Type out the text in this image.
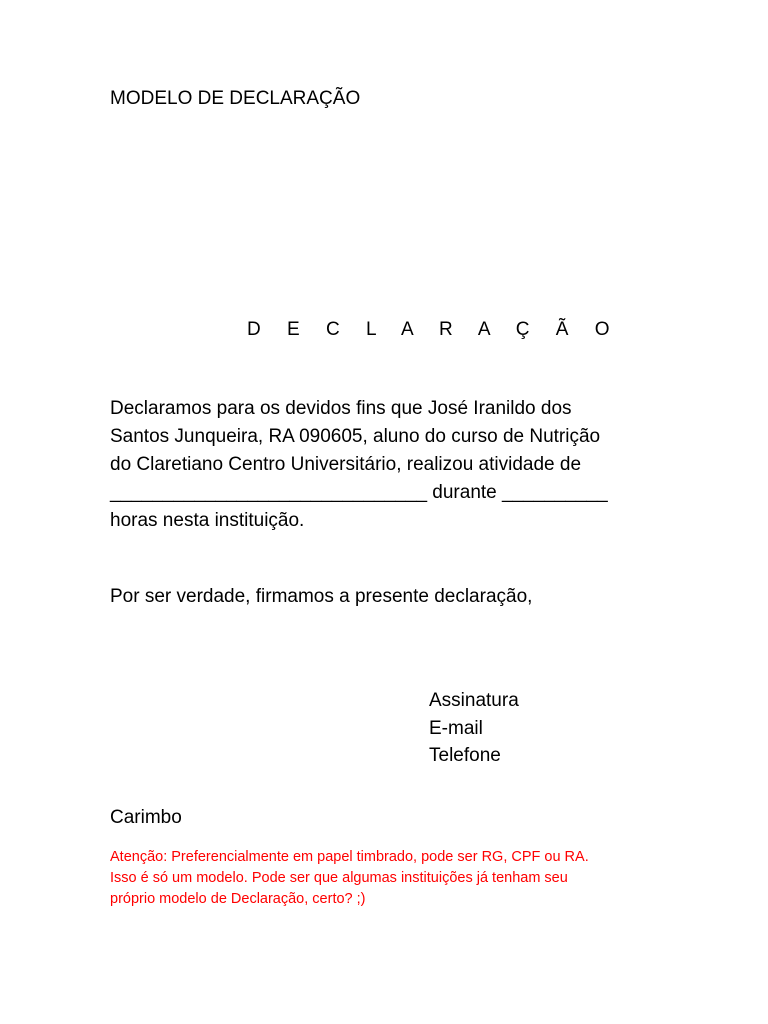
MODELO DE DECLARAÇÃO
D E C L A R A Ç Ã O
Declaramos para os devidos fins que José Iranildo dos
Santos Junqueira, RA 090605, aluno do curso de Nutrição
do Claretiano Centro Universitário, realizou atividade de
______________________________ durante __________
horas nesta instituição.
Por ser verdade, firmamos a presente declaração,
Assinatura
E-mail
Telefone
Carimbo
Atenção: Preferencialmente em papel timbrado, pode ser RG, CPF ou RA.
Isso é só um modelo. Pode ser que algumas instituições já tenham seu
próprio modelo de Declaração, certo? ;)
